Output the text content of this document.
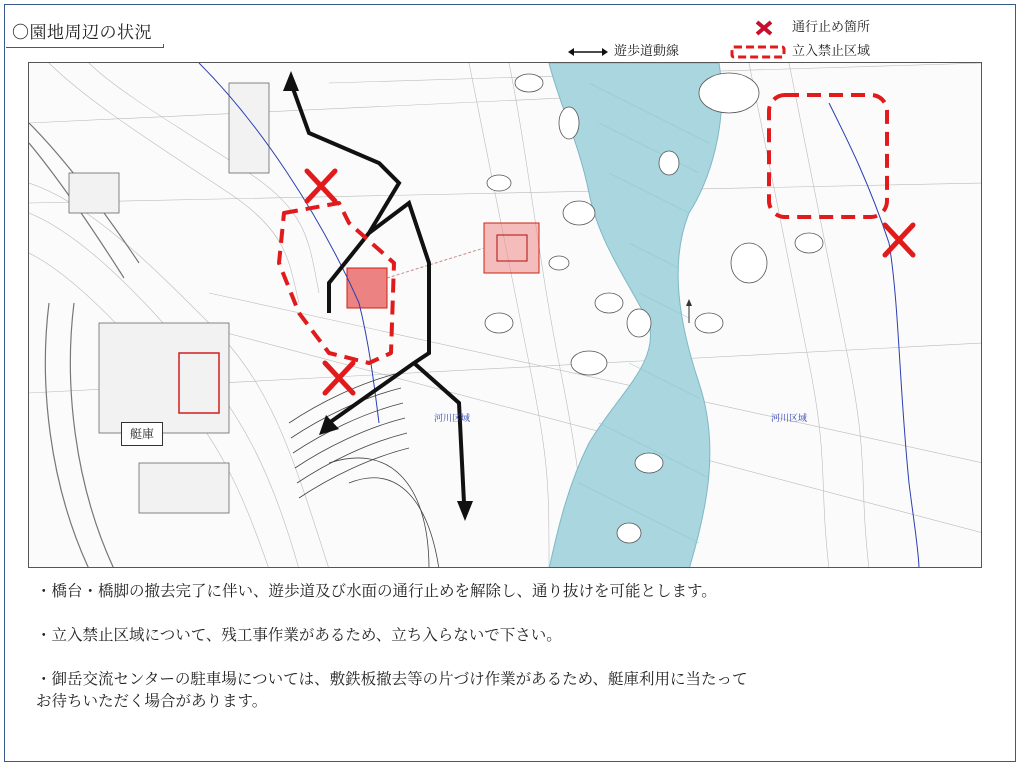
〇園地周辺の状況
遊歩道動線
通行止め箇所
立入禁止区域
河川区域	河川区域
艇庫
・橋台・橋脚の撤去完了に伴い、遊歩道及び水面の通行止めを解除し、通り抜けを可能とします。
・立入禁止区域について、残工事作業があるため、立ち入らないで下さい。
・御岳交流センターの駐車場については、敷鉄板撤去等の片づけ作業があるため、艇庫利用に当たって
お待ちいただく場合があります。
